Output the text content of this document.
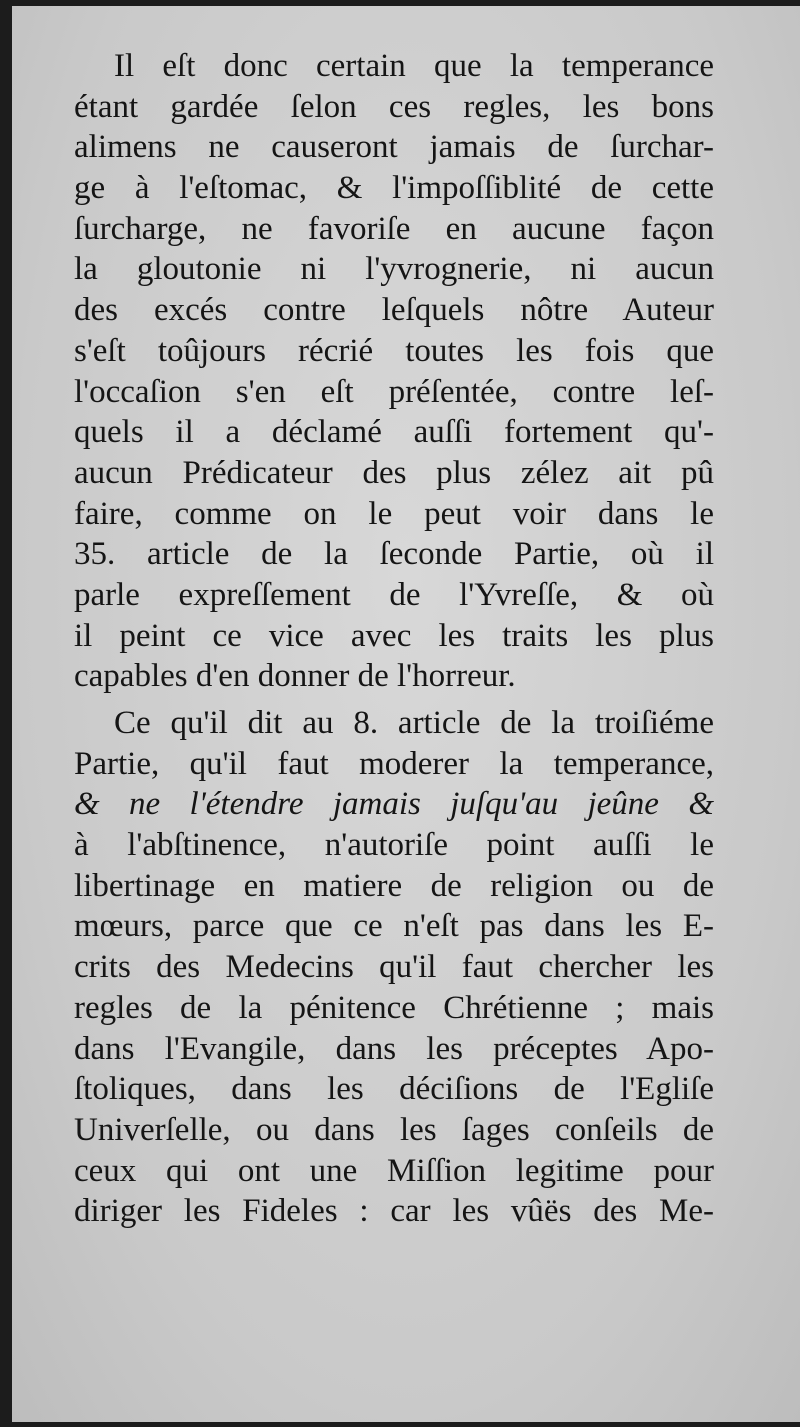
Il eſt donc certain que la temperance
étant gardée ſelon ces regles, les bons
alimens ne causeront jamais de ſurchar-
ge à l'eſtomac, & l'impoſſiblité de cette
ſurcharge, ne favoriſe en aucune façon
la gloutonie ni l'yvrognerie, ni aucun
des excés contre leſquels nôtre Auteur
s'eſt toûjours récrié toutes les fois que
l'occaſion s'en eſt préſentée, contre leſ-
quels il a déclamé auſſi fortement qu'-
aucun Prédicateur des plus zélez ait pû
faire, comme on le peut voir dans le
35. article de la ſeconde Partie, où il
parle expreſſement de l'Yvreſſe, & où
il peint ce vice avec les traits les plus
capables d'en donner de l'horreur.
Ce qu'il dit au 8. article de la troiſiéme
Partie, qu'il faut moderer la temperance,
& ne l'étendre jamais juſqu'au jeûne &
à l'abſtinence, n'autoriſe point auſſi le
libertinage en matiere de religion ou de
mœurs, parce que ce n'eſt pas dans les E-
crits des Medecins qu'il faut chercher les
regles de la pénitence Chrétienne ; mais
dans l'Evangile, dans les préceptes Apo-
ſtoliques, dans les déciſions de l'Egliſe
Univerſelle, ou dans les ſages conſeils de
ceux qui ont une Miſſion legitime pour
diriger les Fideles : car les vûës des Me-
